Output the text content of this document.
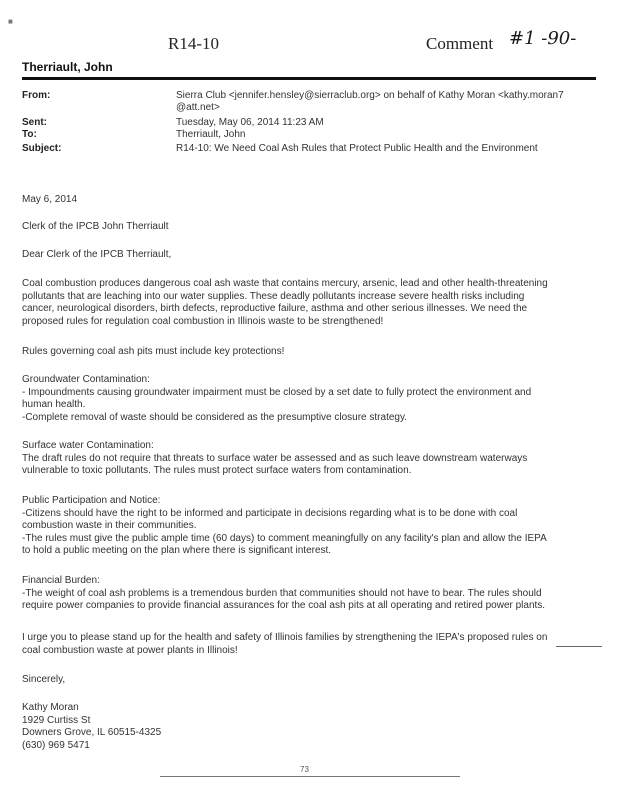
■
R14-10	Comment #1 -90-
Therriault, John
From:	Sierra Club <jennifer.hensley@sierraclub.org> on behalf of Kathy Moran <kathy.moran7
@att.net>
Sent:	Tuesday, May 06, 2014 11:23 AM
To:	Therriault, John
Subject:	R14-10: We Need Coal Ash Rules that Protect Public Health and the Environment
May 6, 2014
Clerk of the IPCB John Therriault
Dear Clerk of the IPCB Therriault,
Coal combustion produces dangerous coal ash waste that contains mercury, arsenic, lead and other health-threatening
pollutants that are leaching into our water supplies. These deadly pollutants increase severe health risks including
cancer, neurological disorders, birth defects, reproductive failure, asthma and other serious illnesses. We need the
proposed rules for regulation coal combustion in Illinois waste to be strengthened!
Rules governing coal ash pits must include key protections!
Groundwater Contamination:
- Impoundments causing groundwater impairment must be closed by a set date to fully protect the environment and
human health.
-Complete removal of waste should be considered as the presumptive closure strategy.
Surface water Contamination:
The draft rules do not require that threats to surface water be assessed and as such leave downstream waterways
vulnerable to toxic pollutants. The rules must protect surface waters from contamination.
Public Participation and Notice:
-Citizens should have the right to be informed and participate in decisions regarding what is to be done with coal
combustion waste in their communities.
-The rules must give the public ample time (60 days) to comment meaningfully on any facility's plan and allow the IEPA
to hold a public meeting on the plan where there is significant interest.
Financial Burden:
-The weight of coal ash problems is a tremendous burden that communities should not have to bear. The rules should
require power companies to provide financial assurances for the coal ash pits at all operating and retired power plants.
I urge you to please stand up for the health and safety of Illinois families by strengthening the IEPA's proposed rules on
coal combustion waste at power plants in Illinois!
Sincerely,
Kathy Moran
1929 Curtiss St
Downers Grove, IL 60515-4325
(630) 969 5471
73
